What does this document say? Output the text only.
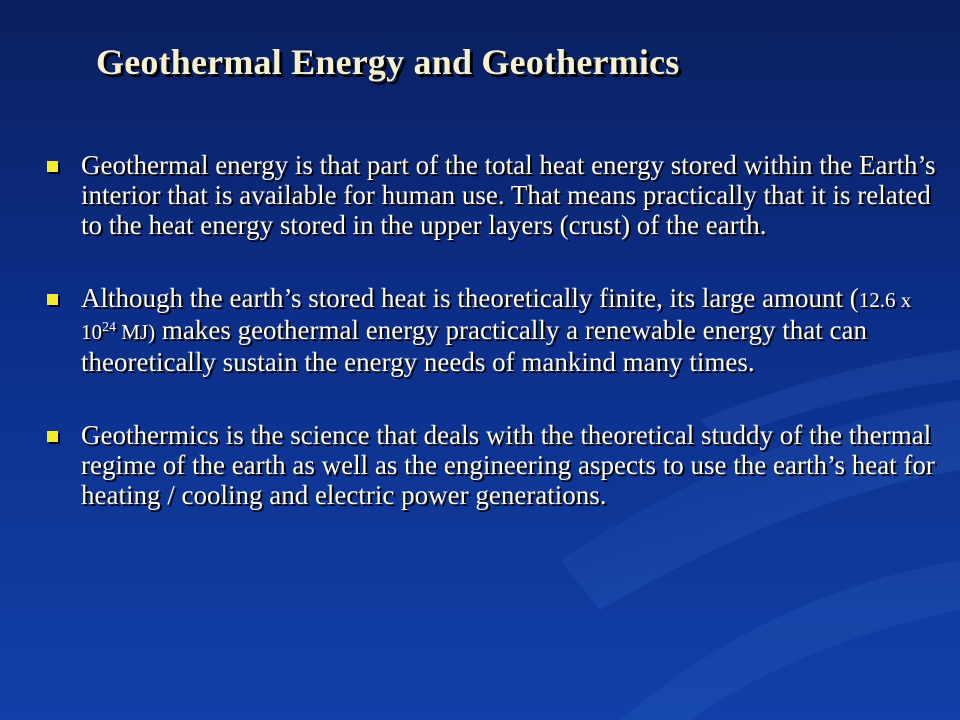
Geothermal Energy and Geothermics
Geothermal energy is that part of the total heat energy stored within the Earth’s interior that is available for human use. That means practically that it is related to the heat energy stored in the upper layers (crust) of the earth.
Although the earth’s stored heat is theoretically finite, its large amount (12.6 x $10^{24}$ MJ) makes geothermal energy practically a renewable energy that can theoretically sustain the energy needs of mankind many times.
Geothermics is the science that deals with the theoretical studdy of the thermal regime of the earth as well as the engineering aspects to use the earth’s heat for heating / cooling and electric power generations.
